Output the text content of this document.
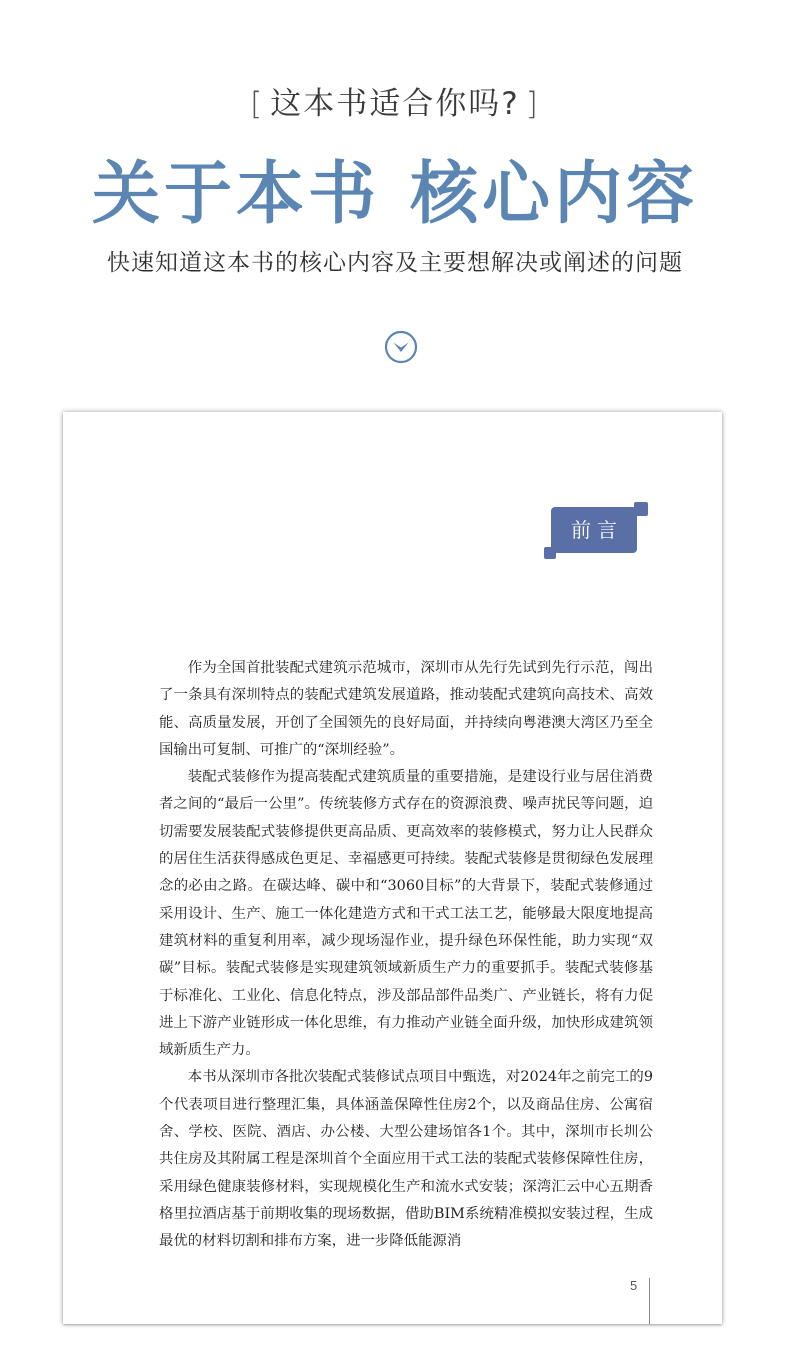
[ 这本书适合你吗? ]
关于本书 核心内容
快速知道这本书的核心内容及主要想解决或阐述的问题
前言

作为全国首批装配式建筑示范城市，深圳市从先行先试到先行示范，闯出了一条具有深圳特点的装配式建筑发展道路，推动装配式建筑向高技术、高效能、高质量发展，开创了全国领先的良好局面，并持续向粤港澳大湾区乃至全国输出可复制、可推广的“深圳经验”。

装配式装修作为提高装配式建筑质量的重要措施，是建设行业与居住消费者之间的“最后一公里”。传统装修方式存在的资源浪费、噪声扰民等问题，迫切需要发展装配式装修提供更高品质、更高效率的装修模式，努力让人民群众的居住生活获得感成色更足、幸福感更可持续。装配式装修是贯彻绿色发展理念的必由之路。在碳达峰、碳中和“3060目标”的大背景下，装配式装修通过采用设计、生产、施工一体化建造方式和干式工法工艺，能够最大限度地提高建筑材料的重复利用率，减少现场湿作业，提升绿色环保性能，助力实现“双碳”目标。装配式装修是实现建筑领域新质生产力的重要抓手。装配式装修基于标准化、工业化、信息化特点，涉及部品部件品类广、产业链长，将有力促进上下游产业链形成一体化思维，有力推动产业链全面升级，加快形成建筑领域新质生产力。

本书从深圳市各批次装配式装修试点项目中甄选，对2024年之前完工的9个代表项目进行整理汇集，具体涵盖保障性住房2个，以及商品住房、公寓宿舍、学校、医院、酒店、办公楼、大型公建场馆各1个。其中，深圳市长圳公共住房及其附属工程是深圳首个全面应用干式工法的装配式装修保障性住房，采用绿色健康装修材料，实现规模化生产和流水式安装；深湾汇云中心五期香格里拉酒店基于前期收集的现场数据，借助BIM系统精准模拟安装过程，生成最优的材料切割和排布方案，进一步降低能源消

5
